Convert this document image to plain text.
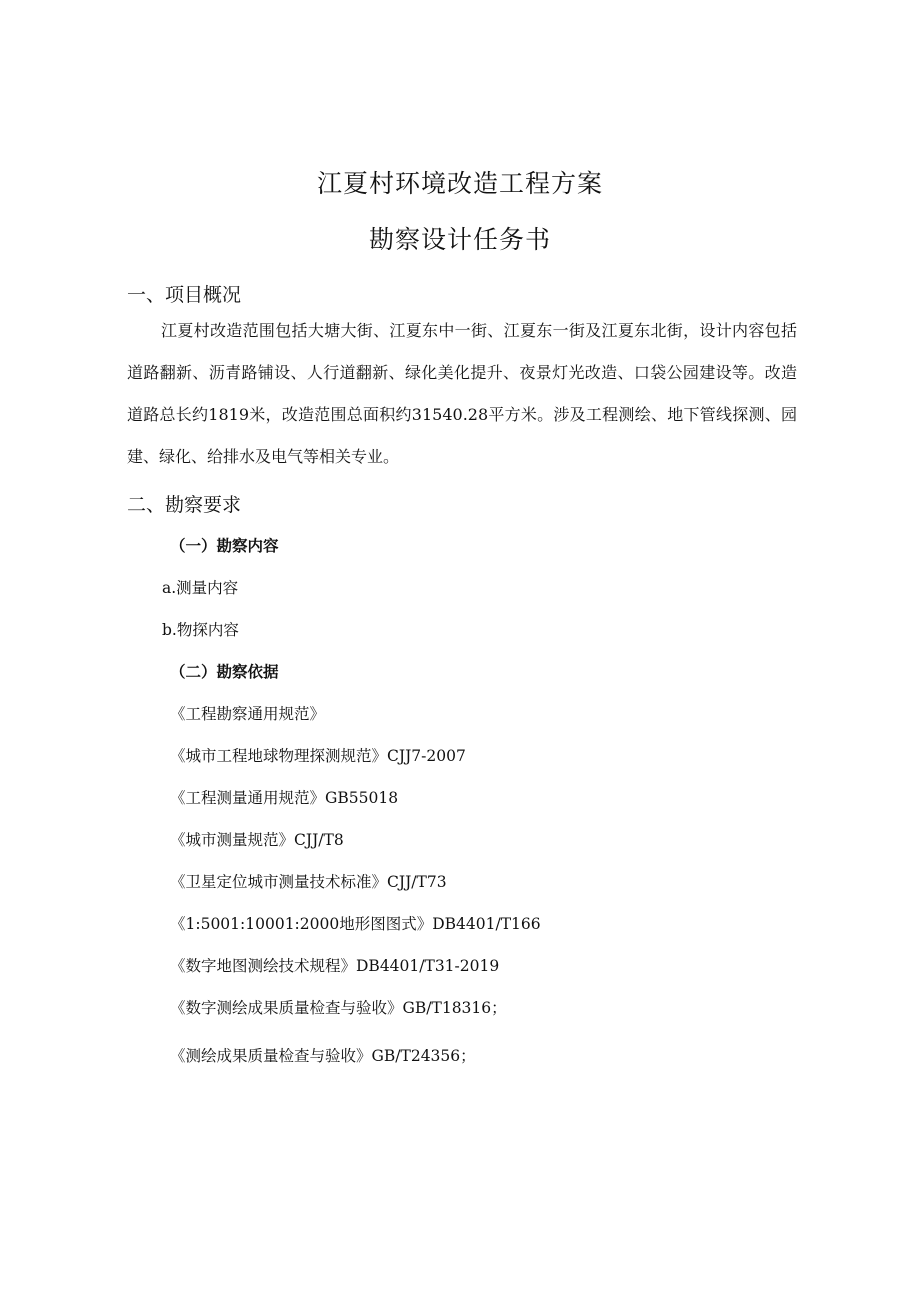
江夏村环境改造工程方案
勘察设计任务书
一、项目概况
江夏村改造范围包括大塘大街、江夏东中一街、江夏东一街及江夏东北街，设计内容包括道路翻新、沥青路铺设、人行道翻新、绿化美化提升、夜景灯光改造、口袋公园建设等。改造道路总长约1819米，改造范围总面积约31540.28平方米。涉及工程测绘、地下管线探测、园建、绿化、给排水及电气等相关专业。
二、勘察要求
（一）勘察内容
a.测量内容
b.物探内容
（二）勘察依据
《工程勘察通用规范》
《城市工程地球物理探测规范》CJJ7-2007
《工程测量通用规范》GB55018
《城市测量规范》CJJ/T8
《卫星定位城市测量技术标准》CJJ/T73
《1:5001:10001:2000地形图图式》DB4401/T166
《数字地图测绘技术规程》DB4401/T31-2019
《数字测绘成果质量检查与验收》GB/T18316；
《测绘成果质量检查与验收》GB/T24356；
